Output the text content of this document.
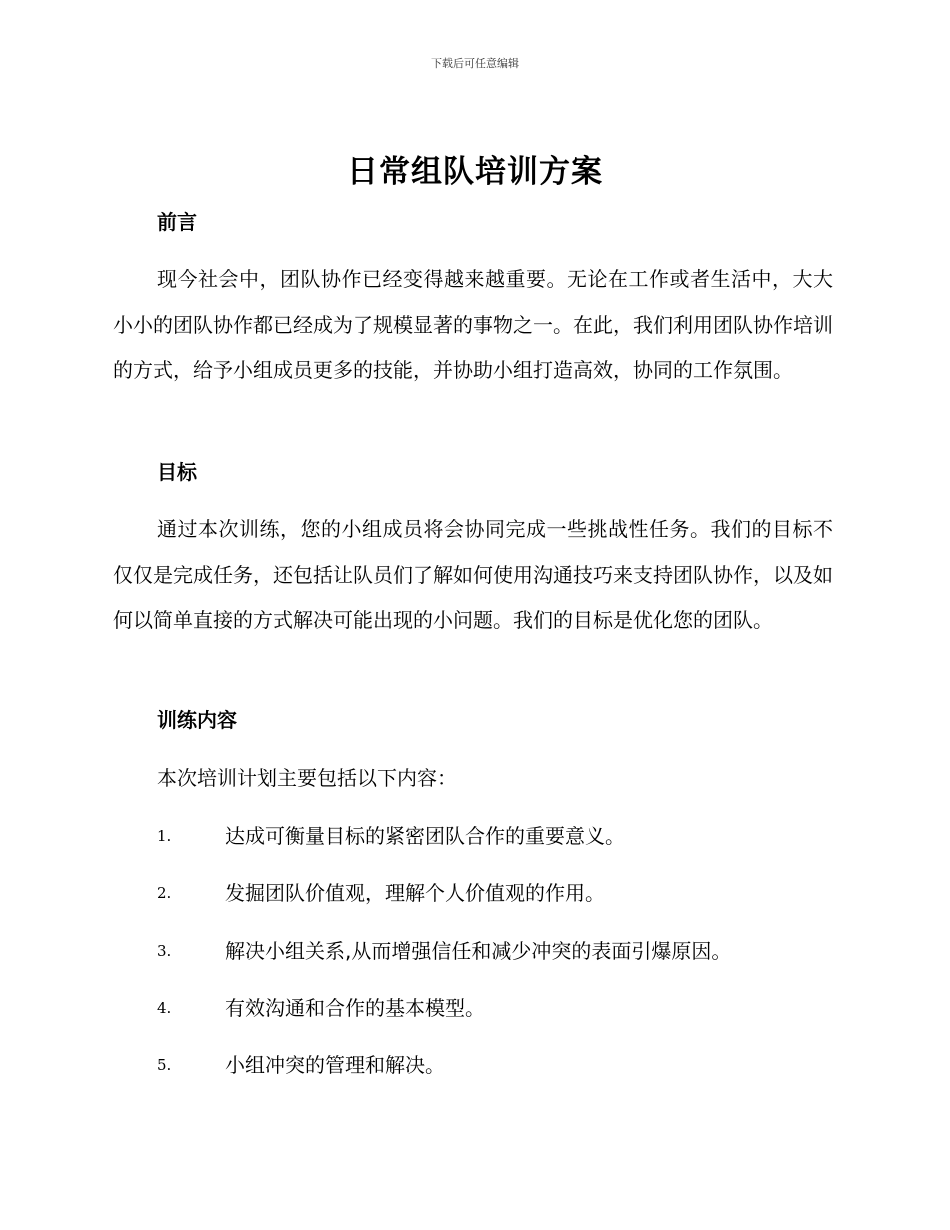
下载后可任意编辑
日常组队培训方案
前言
现今社会中，团队协作已经变得越来越重要。无论在工作或者生活中，大大小小的团队协作都已经成为了规模显著的事物之一。在此，我们利用团队协作培训的方式，给予小组成员更多的技能，并协助小组打造高效，协同的工作氛围。
目标
通过本次训练，您的小组成员将会协同完成一些挑战性任务。我们的目标不仅仅是完成任务，还包括让队员们了解如何使用沟通技巧来支持团队协作，以及如何以简单直接的方式解决可能出现的小问题。我们的目标是优化您的团队。
训练内容
本次培训计划主要包括以下内容：
1.	达成可衡量目标的紧密团队合作的重要意义。
2.	发掘团队价值观，理解个人价值观的作用。
3.	解决小组关系,从而增强信任和减少冲突的表面引爆原因。
4.	有效沟通和合作的基本模型。
5.	小组冲突的管理和解决。
